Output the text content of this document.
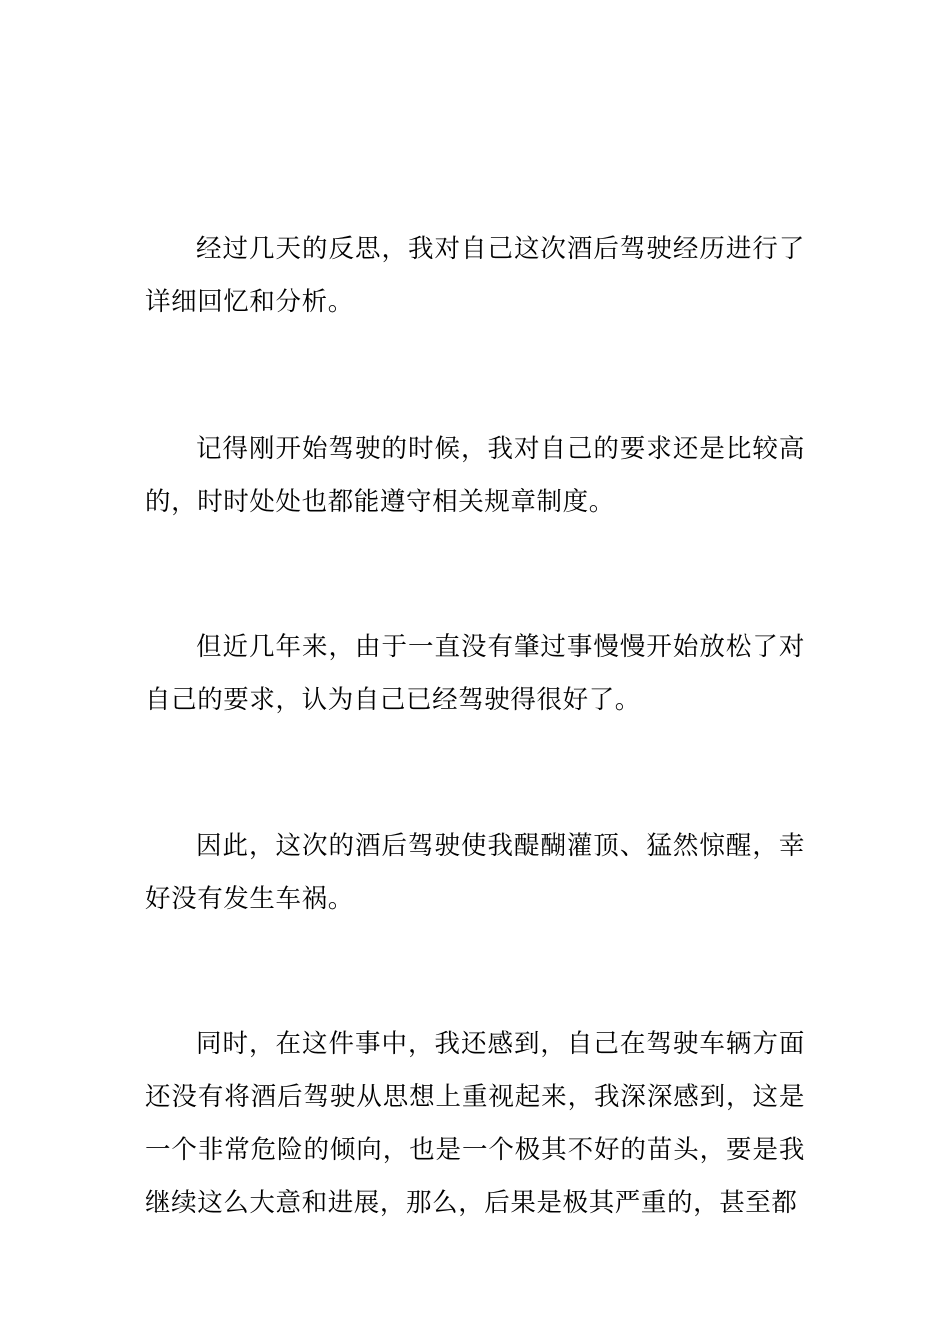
经过几天的反思，我对自己这次酒后驾驶经历进行了详细回忆和分析。

记得刚开始驾驶的时候，我对自己的要求还是比较高的，时时处处也都能遵守相关规章制度。

但近几年来，由于一直没有肇过事慢慢开始放松了对自己的要求，认为自己已经驾驶得很好了。

因此，这次的酒后驾驶使我醍醐灌顶、猛然惊醒，幸好没有发生车祸。

同时，在这件事中，我还感到，自己在驾驶车辆方面还没有将酒后驾驶从思想上重视起来，我深深感到，这是一个非常危险的倾向，也是一个极其不好的苗头，要是我继续这么大意和进展，那么，后果是极其严重的，甚至都
